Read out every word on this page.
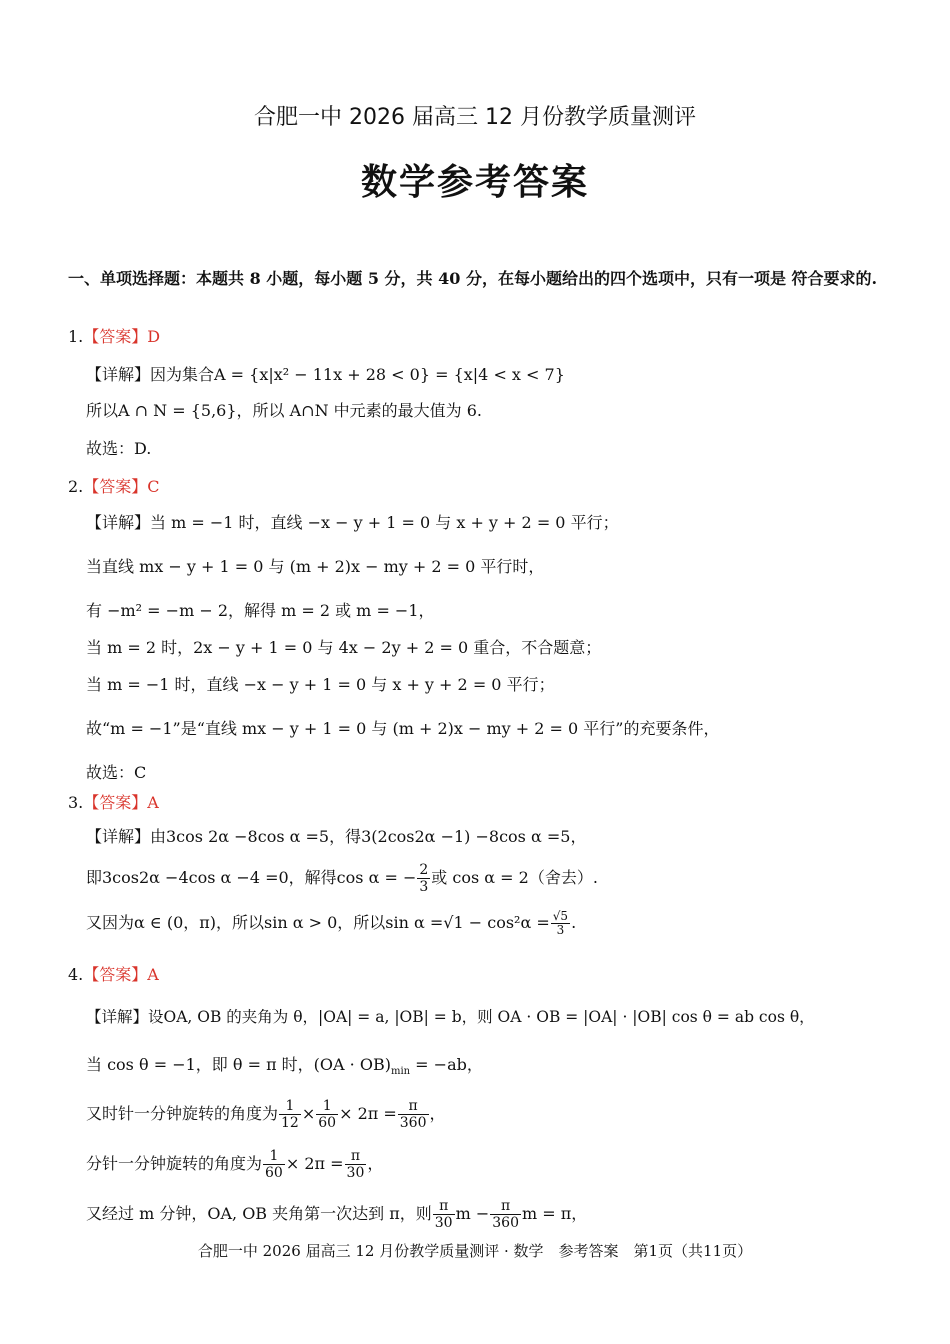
合肥一中 2026 届高三 12 月份教学质量测评
数学参考答案
一、单项选择题：本题共 8 小题，每小题 5 分，共 40 分，在每小题给出的四个选项中，只有一项是 符合要求的.
1.【答案】D
【详解】因为集合A = {x|x² − 11x + 28 < 0} = {x|4 < x < 7}
所以A ∩ N = {5,6}，所以 A∩N 中元素的最大值为 6.
故选：D.
2.【答案】C
【详解】当 m = −1 时，直线 −x − y + 1 = 0 与 x + y + 2 = 0 平行；
当直线 mx − y + 1 = 0 与 (m + 2)x − my + 2 = 0 平行时，
有 −m² = −m − 2，解得 m = 2 或 m = −1，
当 m = 2 时，2x − y + 1 = 0 与 4x − 2y + 2 = 0 重合，不合题意；
当 m = −1 时，直线 −x − y + 1 = 0 与 x + y + 2 = 0 平行；
故“m = −1”是“直线 mx − y + 1 = 0 与 (m + 2)x − my + 2 = 0 平行”的充要条件，
故选：C
3.【答案】A
【详解】由3cos 2α −8cos α =5，得3(2cos2α −1) −8cos α =5，
即3cos2α −4cos α −4 =0，解得cos α = − $\frac{2}{3}$ 或 cos α = 2（舍去）.
又因为α ∈ (0，π)，所以sin α > 0，所以$\sin \alpha =√1 - \cos^2\alpha = \frac{√5}{3}$ .
4.【答案】A
【详解】设OA, OB 的夹角为 θ，|OA| = a, |OB| = b，则 OA · OB = |OA| · |OB| cos θ = ab cos θ，
当 cos θ = −1，即 θ = π 时，$(OA \cdot OB)_{min} = -ab$，
又时针一分钟旋转的角度为 $\frac{1}{12} \times \frac{1}{60} \times 2\pi = \frac{\pi}{360}$ ，
分针一分钟旋转的角度为 $\frac{1}{60} \times 2\pi = \frac{\pi}{30}$ ，
又经过 m 分钟，OA, OB 夹角第一次达到 π，则 $\frac{\pi}{30}$ $m - \frac{\pi}{360}$ m = π，
合肥一中 2026 届高三 12 月份教学质量测评 · 数学　参考答案　第1页（共11页）
